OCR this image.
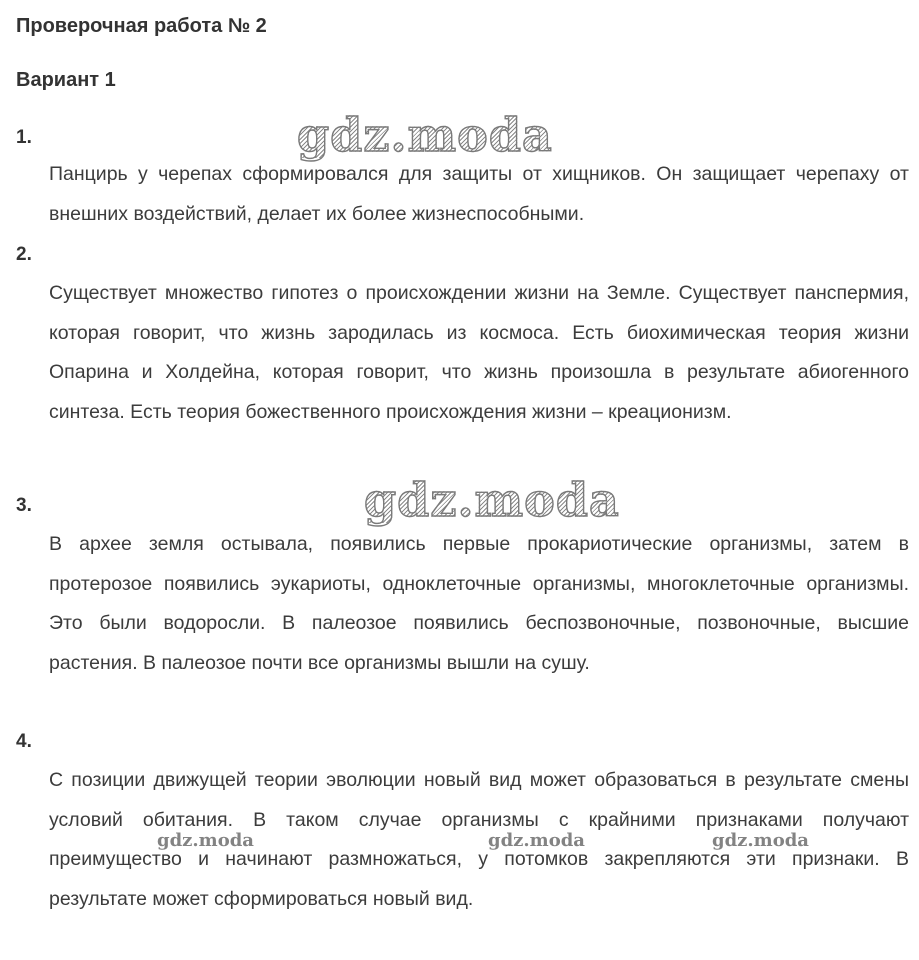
Проверочная работа № 2
Вариант 1
1.

Панцирь у черепах сформировался для защиты от хищников. Он защищает черепаху от внешних воздействий, делает их более жизнеспособными.

2.

Существует множество гипотез о происхождении жизни на Земле. Существует панспермия, которая говорит, что жизнь зародилась из космоса. Есть биохимическая теория жизни Опарина и Холдейна, которая говорит, что жизнь произошла в результате абиогенного синтеза. Есть теория божественного происхождения жизни – креационизм.

3.

В архее земля остывала, появились первые прокариотические организмы, затем в протерозое появились эукариоты, одноклеточные организмы, многоклеточные организмы. Это были водоросли. В палеозое появились беспозвоночные, позвоночные, высшие растения. В палеозое почти все организмы вышли на сушу.

4.

С позиции движущей теории эволюции новый вид может образоваться в результате смены условий обитания. В таком случае организмы с крайними признаками получают преимущество и начинают размножаться, у потомков закрепляются эти признаки. В результате может сформироваться новый вид.

gdz.moda
gdz.moda
gdz.moda	gdz.moda	gdz.moda
